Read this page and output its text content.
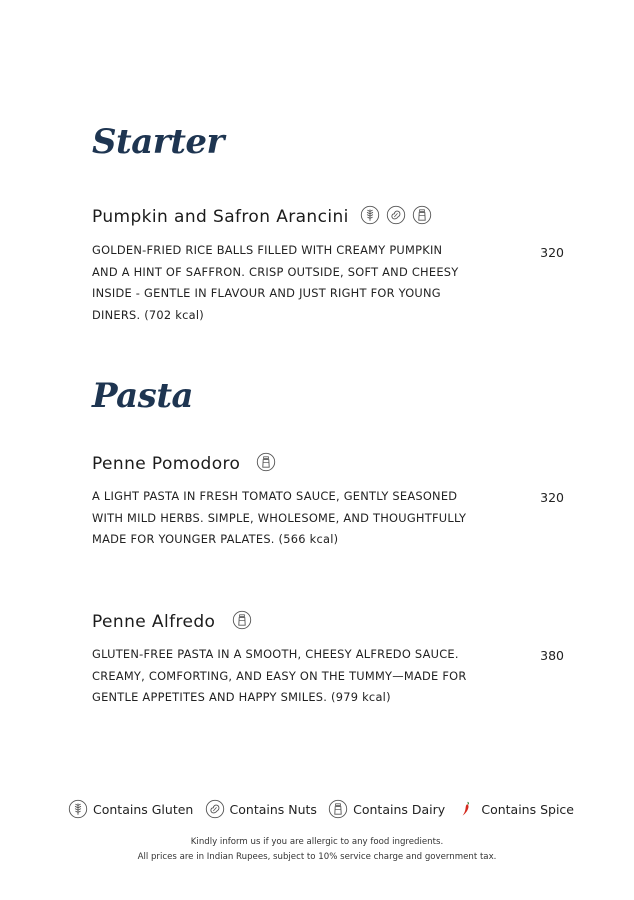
Starter
Pumpkin and Safron Arancini

GOLDEN-FRIED RICE BALLS FILLED WITH CREAMY PUMPKIN AND A HINT OF SAFFRON. CRISP OUTSIDE, SOFT AND CHEESY INSIDE - GENTLE IN FLAVOUR AND JUST RIGHT FOR YOUNG DINERS. (702 kcal)

320

Pasta
Penne Pomodoro

A LIGHT PASTA IN FRESH TOMATO SAUCE, GENTLY SEASONED WITH MILD HERBS. SIMPLE, WHOLESOME, AND THOUGHTFULLY MADE FOR YOUNGER PALATES. (566 kcal)

320

Penne Alfredo

GLUTEN-FREE PASTA IN A SMOOTH, CHEESY ALFREDO SAUCE. CREAMY, COMFORTING, AND EASY ON THE TUMMY—MADE FOR GENTLE APPETITES AND HAPPY SMILES. (979 kcal)

380

Contains Gluten	Contains Nuts	Contains Dairy	Contains Spice

Kindly inform us if you are allergic to any food ingredients.

All prices are in Indian Rupees, subject to 10% service charge and government tax.
